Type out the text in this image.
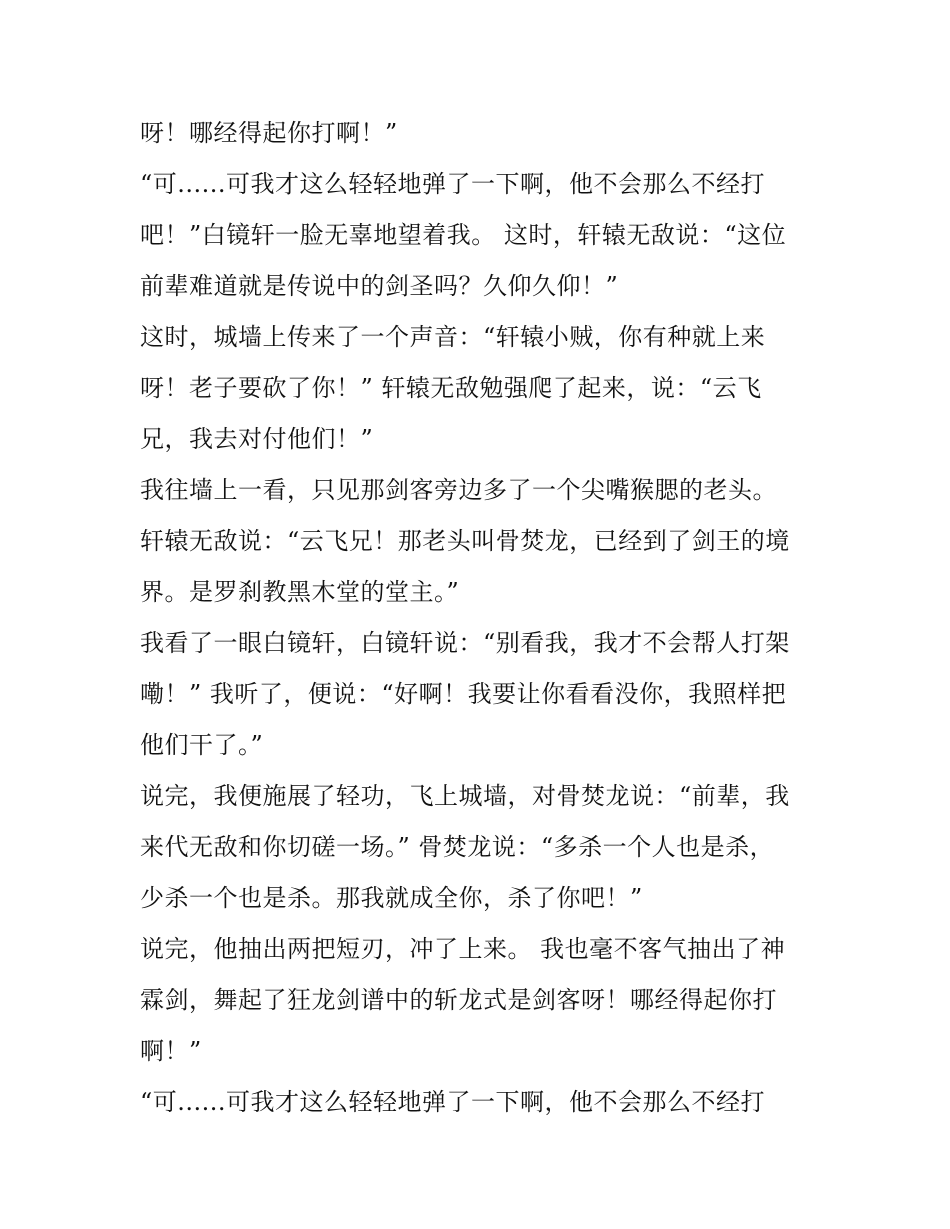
呀！哪经得起你打啊！”
“可......可我才这么轻轻地弹了一下啊，他不会那么不经打
吧！”白镜轩一脸无辜地望着我。 这时，轩辕无敌说：“这位
前辈难道就是传说中的剑圣吗？久仰久仰！”
这时，城墙上传来了一个声音：“轩辕小贼，你有种就上来
呀！老子要砍了你！” 轩辕无敌勉强爬了起来，说：“云飞
兄，我去对付他们！”
我往墙上一看，只见那剑客旁边多了一个尖嘴猴腮的老头。
轩辕无敌说：“云飞兄！那老头叫骨焚龙，已经到了剑王的境
界。是罗刹教黑木堂的堂主。”
我看了一眼白镜轩，白镜轩说：“别看我，我才不会帮人打架
嘞！” 我听了，便说：“好啊！我要让你看看没你，我照样把
他们干了。”
说完，我便施展了轻功，飞上城墙，对骨焚龙说：“前辈，我
来代无敌和你切磋一场。” 骨焚龙说：“多杀一个人也是杀，
少杀一个也是杀。那我就成全你，杀了你吧！”
说完，他抽出两把短刃，冲了上来。 我也毫不客气抽出了神
霖剑，舞起了狂龙剑谱中的斩龙式是剑客呀！哪经得起你打
啊！”
“可......可我才这么轻轻地弹了一下啊，他不会那么不经打
